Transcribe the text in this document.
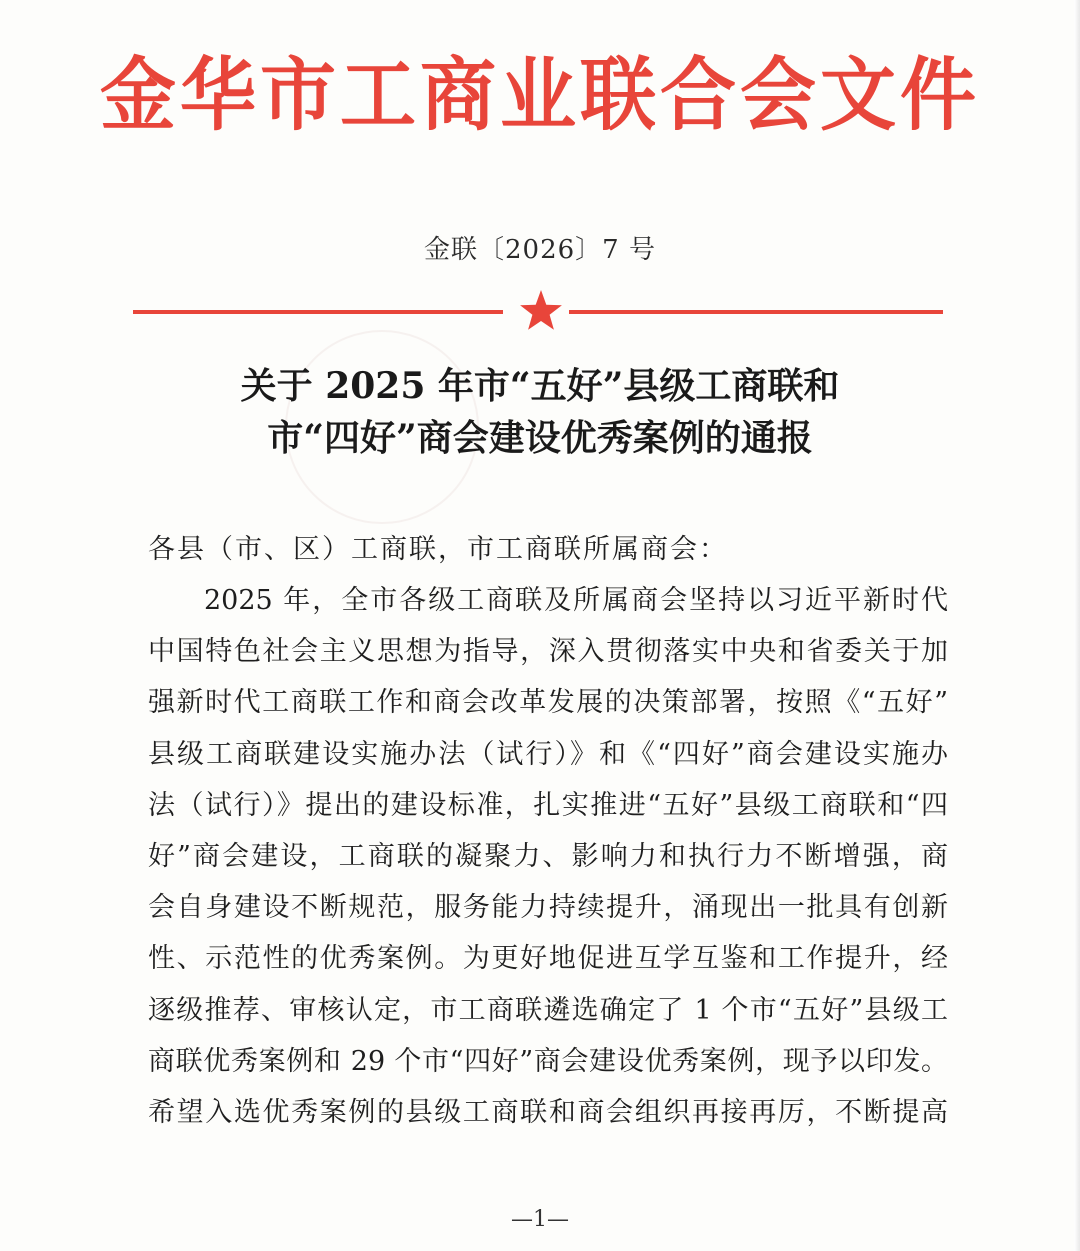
金华市工商业联合会文件
金联〔2026〕7 号
关于 2025 年市“五好”县级工商联和
市“四好”商会建设优秀案例的通报
各县（市、区）工商联，市工商联所属商会：
2025 年，全市各级工商联及所属商会坚持以习近平新时代
中国特色社会主义思想为指导，深入贯彻落实中央和省委关于加
强新时代工商联工作和商会改革发展的决策部署，按照《“五好”
县级工商联建设实施办法（试行）》和《“四好”商会建设实施办
法（试行）》提出的建设标准，扎实推进“五好”县级工商联和“四
好”商会建设，工商联的凝聚力、影响力和执行力不断增强，商
会自身建设不断规范，服务能力持续提升，涌现出一批具有创新
性、示范性的优秀案例。为更好地促进互学互鉴和工作提升，经
逐级推荐、审核认定，市工商联遴选确定了 1 个市“五好”县级工
商联优秀案例和 29 个市“四好”商会建设优秀案例，现予以印发。
希望入选优秀案例的县级工商联和商会组织再接再厉，不断提高
—1—
